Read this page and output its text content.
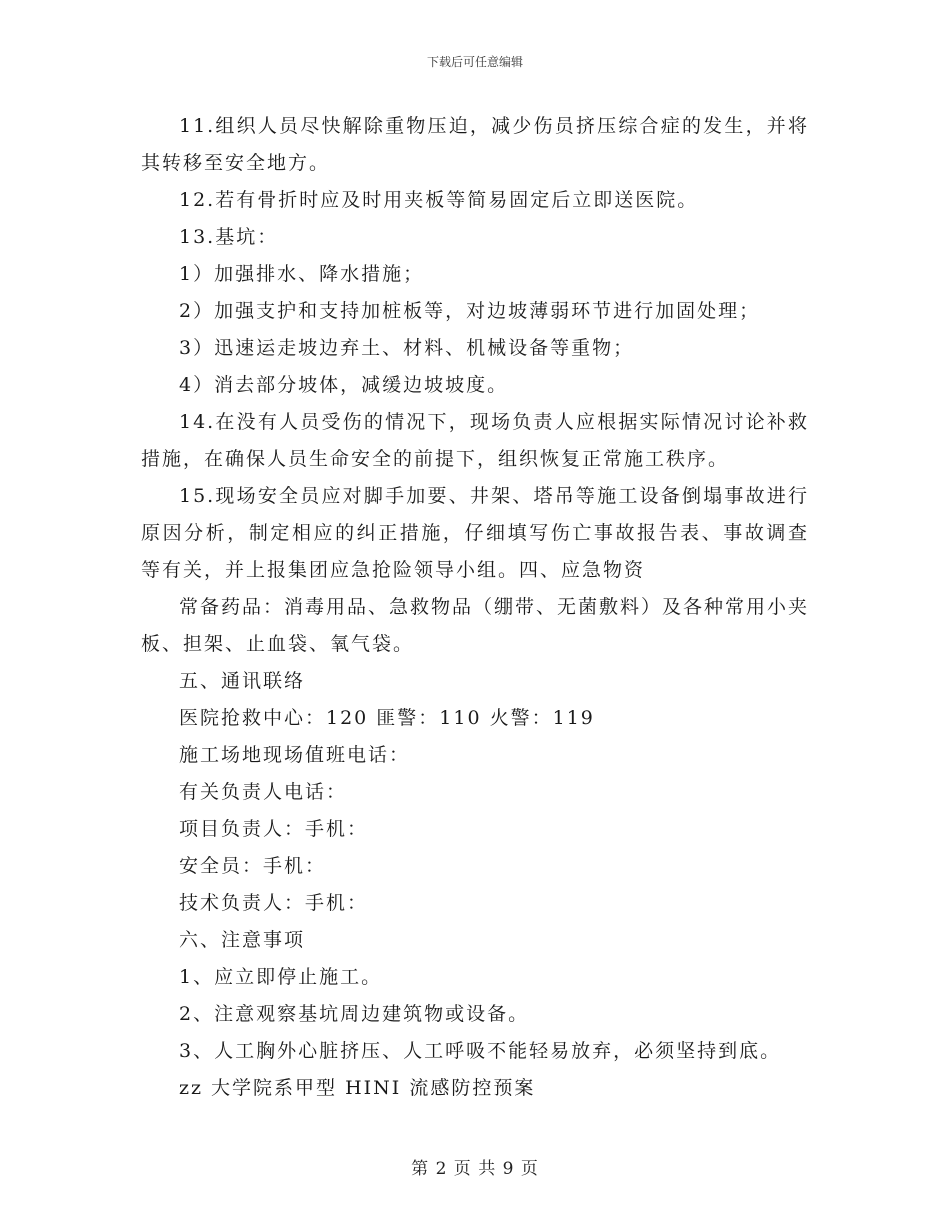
下载后可任意编辑

11.组织人员尽快解除重物压迫，减少伤员挤压综合症的发生，并将其转移至安全地方。

12.若有骨折时应及时用夹板等简易固定后立即送医院。

13.基坑：

1）加强排水、降水措施；

2）加强支护和支持加桩板等，对边坡薄弱环节进行加固处理；

3）迅速运走坡边弃土、材料、机械设备等重物；

4）消去部分坡体，减缓边坡坡度。

14.在没有人员受伤的情况下，现场负责人应根据实际情况讨论补救措施，在确保人员生命安全的前提下，组织恢复正常施工秩序。

15.现场安全员应对脚手加要、井架、塔吊等施工设备倒塌事故进行原因分析，制定相应的纠正措施，仔细填写伤亡事故报告表、事故调查等有关，并上报集团应急抢险领导小组。四、应急物资

常备药品：消毒用品、急救物品（绷带、无菌敷料）及各种常用小夹板、担架、止血袋、氧气袋。

五、通讯联络

医院抢救中心：120 匪警：110 火警：119

施工场地现场值班电话：

有关负责人电话：

项目负责人：手机：

安全员：手机：

技术负责人：手机：

六、注意事项

1、应立即停止施工。

2、注意观察基坑周边建筑物或设备。

3、人工胸外心脏挤压、人工呼吸不能轻易放弃，必须坚持到底。

zz 大学院系甲型 HINI 流感防控预案

第 2 页 共 9 页
